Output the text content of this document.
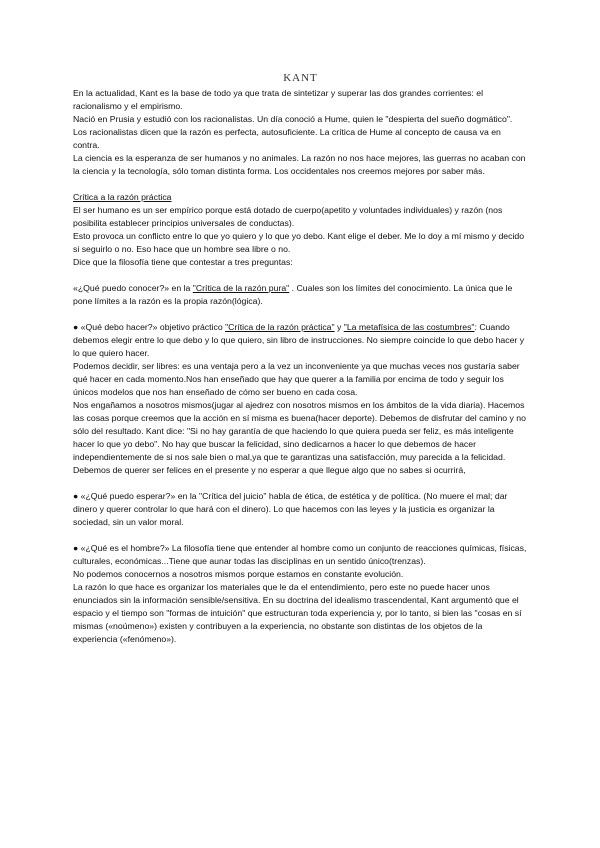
KANT

En la actualidad, Kant es la base de todo ya que trata de sintetizar y superar las dos grandes corrientes: el racionalismo y el empirismo.

Nació en Prusia y estudió con los racionalistas. Un día conoció a Hume, quien le "despierta del sueño dogmático".

Los racionalistas dicen que la razón es perfecta, autosuficiente. La crítica de Hume al concepto de causa va en contra.

La ciencia es la esperanza de ser humanos y no animales. La razón no nos hace mejores, las guerras no acaban con la ciencia y la tecnología, sólo toman distinta forma. Los occidentales nos creemos mejores por saber más.

Crítica a la razón práctica

El ser humano es un ser empírico porque está dotado de cuerpo(apetito y voluntades individuales) y razón (nos posibilita establecer principios universales de conductas).

Esto provoca un conflicto entre lo que yo quiero y lo que yo debo. Kant elige el deber. Me lo doy a mí mismo y decido si seguirlo o no. Eso hace que un hombre sea libre o no.

Dice que la filosofía tiene que contestar a tres preguntas:

«¿Qué puedo conocer?» en la "Crítica de la razón pura" . Cuales son los límites del conocimiento. La única que le pone límites a la razón es la propia razón(lógica).

● «Qué debo hacer?» objetivo práctico "Crítica de la razón práctica" y "La metafísica de las costumbres": Cuando debemos elegir entre lo que debo y lo que quiero, sin libro de instrucciones. No siempre coincide lo que debo hacer y lo que quiero hacer.

Podemos decidir, ser libres: es una ventaja pero a la vez un inconveniente ya que muchas veces nos gustaría saber qué hacer en cada momento.Nos han enseñado que hay que querer a la familia por encima de todo y seguir los únicos modelos que nos han enseñado de cómo ser bueno en cada cosa.

Nos engañamos a nosotros mismos(jugar al ajedrez con nosotros mismos en los ámbitos de la vida diaria). Hacemos las cosas porque creemos que la acción en sí misma es buena(hacer deporte). Debemos de disfrutar del camino y no sólo del resultado. Kant dice: "Si no hay garantía de que haciendo lo que quiera pueda ser feliz, es más inteligente hacer lo que yo debo". No hay que buscar la felicidad, sino dedicarnos a hacer lo que debemos de hacer independientemente de si nos sale bien o mal,ya que te garantizas una satisfacción, muy parecida a la felicidad. Debemos de querer ser felices en el presente y no esperar a que llegue algo que no sabes si ocurrirá,

● «¿Qué puedo esperar?» en la "Crítica del juicio" habla de ética, de estética y de política. (No muere el mal; dar dinero y querer controlar lo que hará con el dinero). Lo que hacemos con las leyes y la justicia es organizar la sociedad, sin un valor moral.

● «¿Qué es el hombre?» La filosofía tiene que entender al hombre como un conjunto de reacciones químicas, físicas, culturales, económicas...Tiene que aunar todas las disciplinas en un sentido único(trenzas).

No podemos conocernos a nosotros mismos porque estamos en constante evolución.

La razón lo que hace es organizar los materiales que le da el entendimiento, pero este no puede hacer unos enunciados sin la información sensible/sensitiva. En su doctrina del idealismo trascendental, Kant argumentó que el espacio y el tiempo son "formas de intuición" que estructuran toda experiencia y, por lo tanto, si bien las "cosas en sí mismas («noúmeno») existen y contribuyen a la experiencia, no obstante son distintas de los objetos de la experiencia («fenómeno»).
